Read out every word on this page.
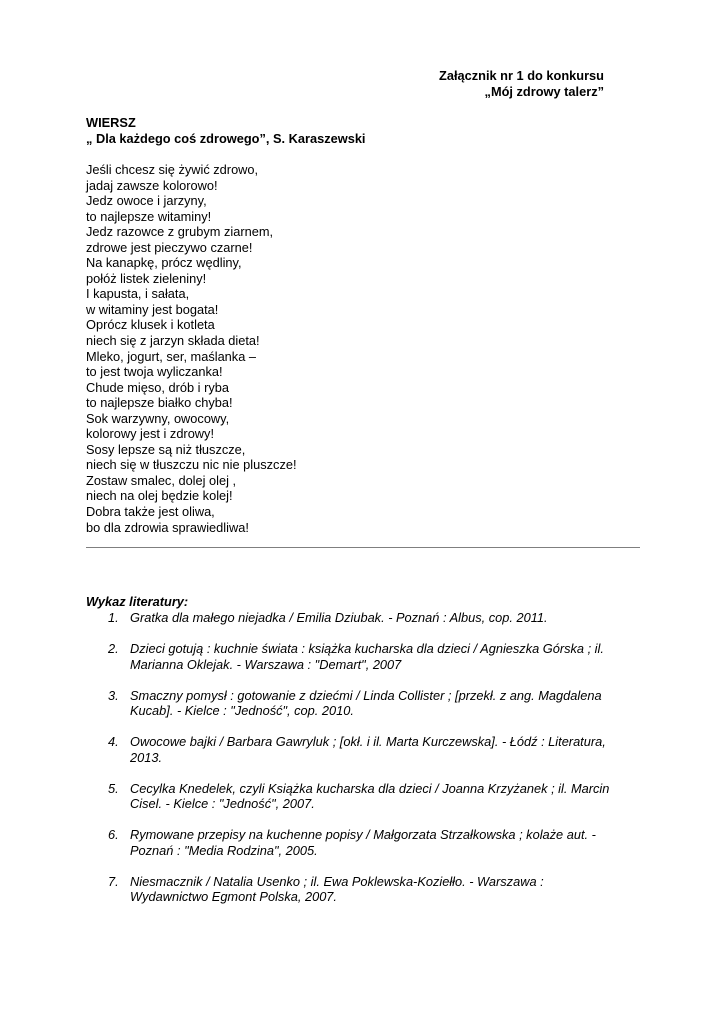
Załącznik nr 1 do konkursu
„Mój zdrowy talerz”
WIERSZ
„ Dla każdego coś zdrowego”, S. Karaszewski
Jeśli chcesz się żywić zdrowo,
jadaj zawsze kolorowo!
Jedz owoce i jarzyny,
to najlepsze witaminy!
Jedz razowce z grubym ziarnem,
zdrowe jest pieczywo czarne!
Na kanapkę, prócz wędliny,
połóż listek zieleniny!
I kapusta, i sałata,
w witaminy jest bogata!
Oprócz klusek i kotleta
niech się z jarzyn składa dieta!
Mleko, jogurt, ser, maślanka –
to jest twoja wyliczanka!
Chude mięso, drób i ryba
to najlepsze białko chyba!
Sok warzywny, owocowy,
kolorowy jest i zdrowy!
Sosy lepsze są niż tłuszcze,
niech się w tłuszczu nic nie pluszcze!
Zostaw smalec, dolej olej ,
niech na olej będzie kolej!
Dobra także jest oliwa,
bo dla zdrowia sprawiedliwa!
Wykaz literatury:
1. Gratka dla małego niejadka / Emilia Dziubak. - Poznań : Albus, cop. 2011.
2. Dzieci gotują : kuchnie świata : książka kucharska dla dzieci / Agnieszka Górska ; il.
Marianna Oklejak. - Warszawa : "Demart", 2007
3. Smaczny pomysł : gotowanie z dziećmi / Linda Collister ; [przekł. z ang. Magdalena
Kucab]. - Kielce : "Jedność", cop. 2010.
4. Owocowe bajki / Barbara Gawryluk ; [okł. i il. Marta Kurczewska]. - Łódź : Literatura,
2013.
5. Cecylka Knedelek, czyli Książka kucharska dla dzieci / Joanna Krzyżanek ; il. Marcin
Cisel. - Kielce : "Jedność", 2007.
6. Rymowane przepisy na kuchenne popisy / Małgorzata Strzałkowska ; kolaże aut. -
Poznań : "Media Rodzina", 2005.
7. Niesmacznik / Natalia Usenko ; il. Ewa Poklewska-Koziełło. - Warszawa :
Wydawnictwo Egmont Polska, 2007.
